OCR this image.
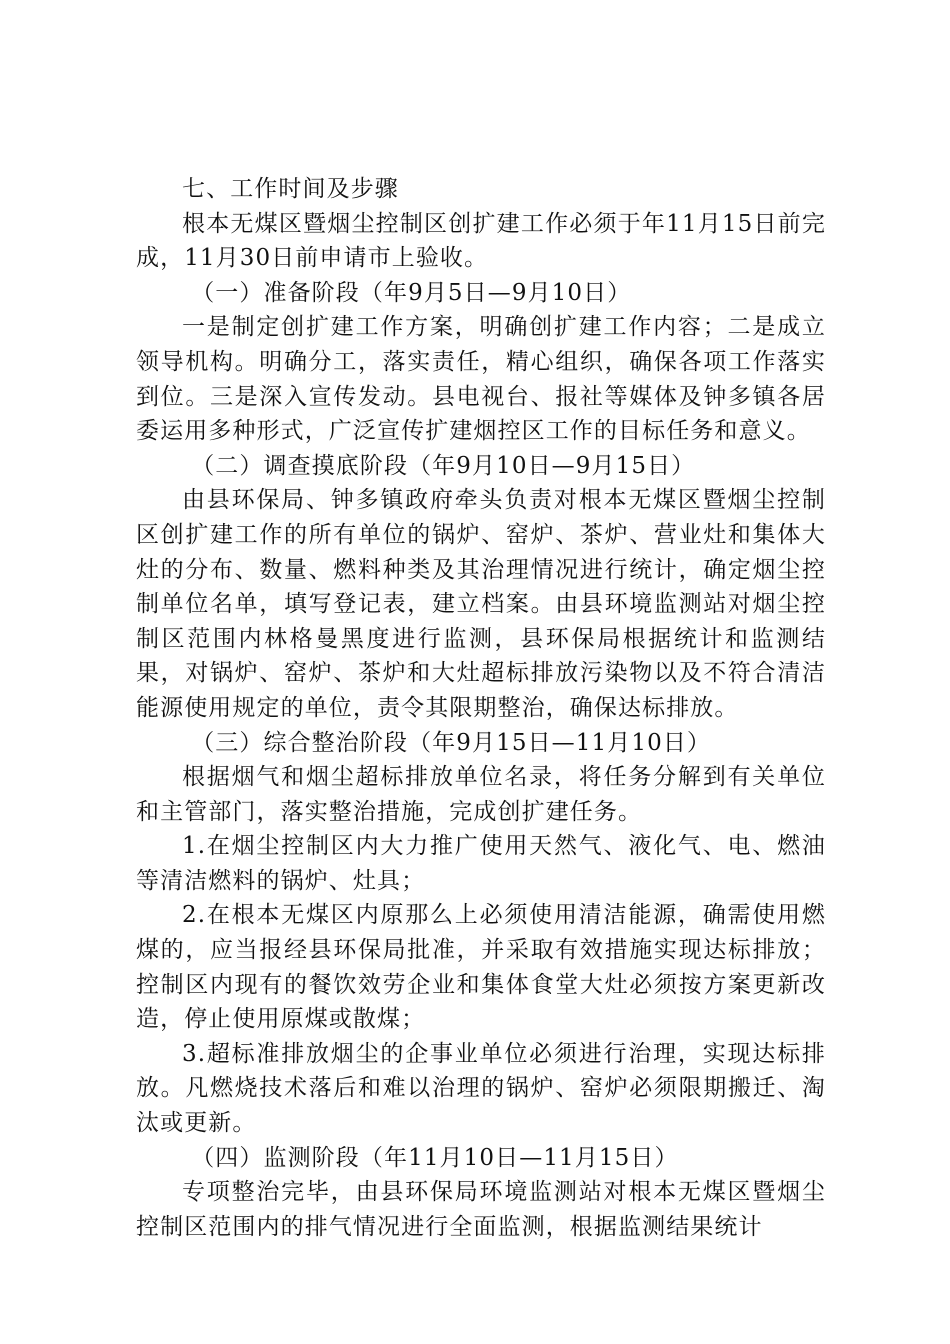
七、工作时间及步骤

根本无煤区暨烟尘控制区创扩建工作必须于年11月15日前完成，11月30日前申请市上验收。

（一）准备阶段（年9月5日—9月10日）

一是制定创扩建工作方案，明确创扩建工作内容；二是成立领导机构。明确分工，落实责任，精心组织，确保各项工作落实到位。三是深入宣传发动。县电视台、报社等媒体及钟多镇各居委运用多种形式，广泛宣传扩建烟控区工作的目标任务和意义。

（二）调查摸底阶段（年9月10日—9月15日）

由县环保局、钟多镇政府牵头负责对根本无煤区暨烟尘控制区创扩建工作的所有单位的锅炉、窑炉、茶炉、营业灶和集体大灶的分布、数量、燃料种类及其治理情况进行统计，确定烟尘控制单位名单，填写登记表，建立档案。由县环境监测站对烟尘控制区范围内林格曼黑度进行监测，县环保局根据统计和监测结果，对锅炉、窑炉、茶炉和大灶超标排放污染物以及不符合清洁能源使用规定的单位，责令其限期整治，确保达标排放。

（三）综合整治阶段（年9月15日—11月10日）

根据烟气和烟尘超标排放单位名录，将任务分解到有关单位和主管部门，落实整治措施，完成创扩建任务。

1.在烟尘控制区内大力推广使用天然气、液化气、电、燃油等清洁燃料的锅炉、灶具；

2.在根本无煤区内原那么上必须使用清洁能源，确需使用燃煤的，应当报经县环保局批准，并采取有效措施实现达标排放；控制区内现有的餐饮效劳企业和集体食堂大灶必须按方案更新改造，停止使用原煤或散煤；

3.超标准排放烟尘的企事业单位必须进行治理，实现达标排放。凡燃烧技术落后和难以治理的锅炉、窑炉必须限期搬迁、淘汰或更新。

（四）监测阶段（年11月10日—11月15日）

专项整治完毕，由县环保局环境监测站对根本无煤区暨烟尘控制区范围内的排气情况进行全面监测，根据监测结果统计
